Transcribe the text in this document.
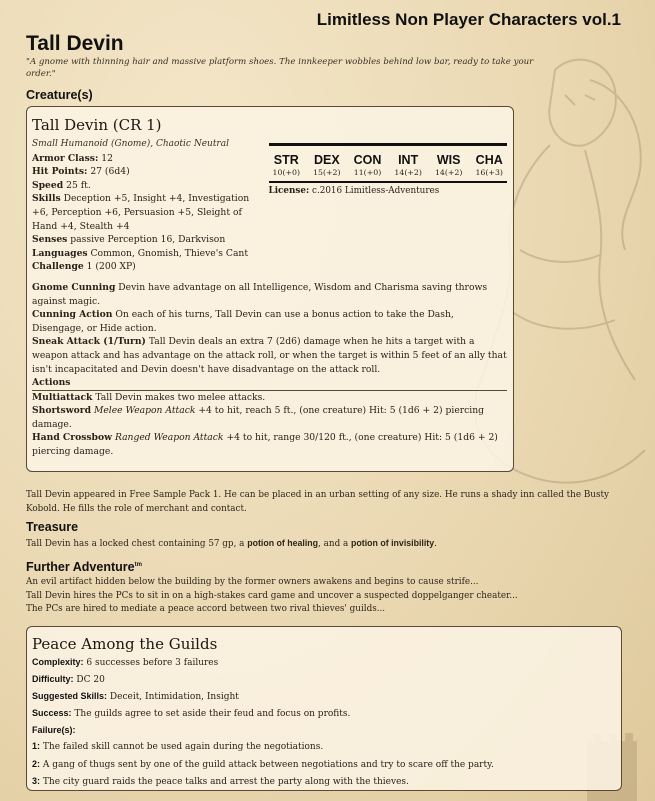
Limitless Non Player Characters vol.1
Tall Devin
"A gnome with thinning hair and massive platform shoes. The innkeeper wobbles behind low bar, ready to take your order."
Creature(s)
Tall Devin (CR 1)
Small Humanoid (Gnome), Chaotic Neutral
Armor Class: 12
Hit Points: 27 (6d4)
Speed 25 ft.
Skills Deception +5, Insight +4, Investigation +6, Perception +6, Persuasion +5, Sleight of Hand +4, Stealth +4
Senses passive Perception 16, Darkvison
Languages Common, Gnomish, Thieve's Cant
Challenge 1 (200 XP)
STR
10(+0)
DEX
15(+2)
CON
11(+0)
INT
14(+2)
WIS
14(+2)
CHA
16(+3)
License: c.2016 Limitless-Adventures

Gnome Cunning Devin have advantage on all Intelligence, Wisdom and Charisma saving throws against magic.

Cunning Action On each of his turns, Tall Devin can use a bonus action to take the Dash, Disengage, or Hide action.

Sneak Attack (1/Turn) Tall Devin deals an extra 7 (2d6) damage when he hits a target with a weapon attack and has advantage on the attack roll, or when the target is within 5 feet of an ally that isn't incapacitated and Devin doesn't have disadvantage on the attack roll.

Actions

Multiattack Tall Devin makes two melee attacks.

Shortsword Melee Weapon Attack +4 to hit, reach 5 ft., (one creature) Hit: 5 (1d6 + 2) piercing damage.

Hand Crossbow Ranged Weapon Attack +4 to hit, range 30/120 ft., (one creature) Hit: 5 (1d6 + 2) piercing damage.

Tall Devin appeared in Free Sample Pack 1. He can be placed in an urban setting of any size. He runs a shady inn called the Busty Kobold. He fills the role of merchant and contact.
Treasure
Tall Devin has a locked chest containing 57 gp, a potion of healing, and a potion of invisibility.
Further Adventure$^{tm}$
An evil artifact hidden below the building by the former owners awakens and begins to cause strife...
Tall Devin hires the PCs to sit in on a high-stakes card game and uncover a suspected doppelganger cheater...
The PCs are hired to mediate a peace accord between two rival thieves' guilds...
Peace Among the Guilds
Complexity: 6 successes before 3 failures
Difficulty: DC 20
Suggested Skills: Deceit, Intimidation, Insight
Success: The guilds agree to set aside their feud and focus on profits.
Failure(s):
1: The failed skill cannot be used again during the negotiations.
2: A gang of thugs sent by one of the guild attack between negotiations and try to scare off the party.
3: The city guard raids the peace talks and arrest the party along with the thieves.
